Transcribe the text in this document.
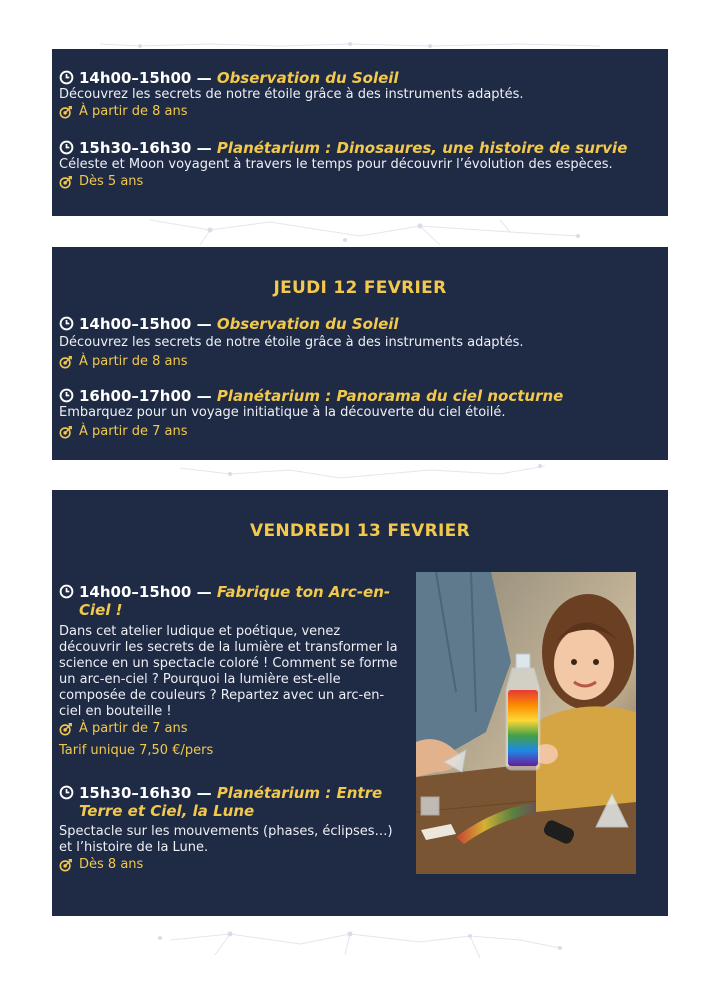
14h00–15h00 — Observation du Soleil
Découvrez les secrets de notre étoile grâce à des instruments adaptés.
À partir de 8 ans
15h30–16h30 — Planétarium : Dinosaures, une histoire de survie
Céleste et Moon voyagent à travers le temps pour découvrir l’évolution des espèces.
Dès 5 ans
JEUDI 12 FEVRIER
14h00–15h00 — Observation du Soleil
Découvrez les secrets de notre étoile grâce à des instruments adaptés.
À partir de 8 ans
16h00–17h00 — Planétarium : Panorama du ciel nocturne
Embarquez pour un voyage initiatique à la découverte du ciel étoilé.
À partir de 7 ans
VENDREDI 13 FEVRIER
14h00–15h00 — Fabrique ton Arc-en-Ciel !
Dans cet atelier ludique et poétique, venez découvrir les secrets de la lumière et transformer la science en un spectacle coloré ! Comment se forme un arc-en-ciel ? Pourquoi la lumière est-elle composée de couleurs ? Repartez avec un arc-en-ciel en bouteille !
À partir de 7 ans
Tarif unique 7,50 €/pers
15h30–16h30 — Planétarium : Entre Terre et Ciel, la Lune
Spectacle sur les mouvements (phases, éclipses…) et l’histoire de la Lune.
Dès 8 ans
